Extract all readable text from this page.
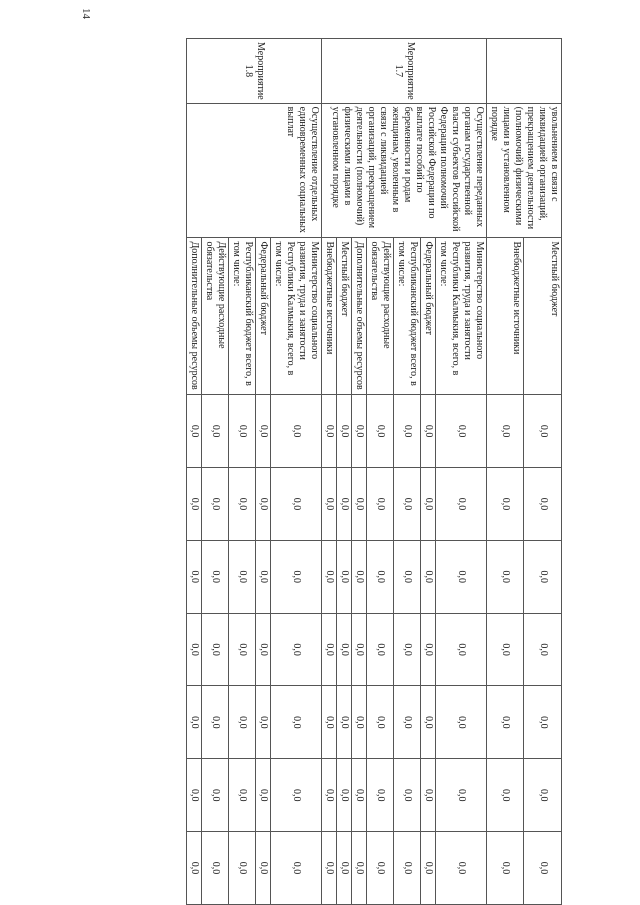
	увольнением в связи с ликвидацией организаций, прекращением деятельности (полномочий) физическими лицами в установленном порядке	Местный бюджет	0,0	0,0	0,0	0,0	0,0	0,0	0,0
		Внебюджетные источники	0,0	0,0	0,0	0,0	0,0	0,0	0,0
Мероприятие 1.7	Осуществление переданных органам государственной власти субъектов Российской Федерации полномочий Российской Федерации по выплате пособий по беременности и родам женщинам, уволенным в связи с ликвидацией организаций, прекращением деятельности (полномочий) физическими лицами в установленном порядке	Министерство социального развития, труда и занятости Республики Калмыкия, всего, в том числе:	0,0	0,0	0,0	0,0	0,0	0,0	0,0
		Федеральный бюджет	0,0	0,0	0,0	0,0	0,0	0,0	0,0
		Республиканский бюджет всего, в том числе:	0,0	0,0	0,0	0,0	0,0	0,0	0,0
		Действующие расходные обязательства	0,0	0,0	0,0	0,0	0,0	0,0	0,0
		Дополнительные объемы ресурсов	0,0	0,0	0,0	0,0	0,0	0,0	0,0
		Местный бюджет	0,0	0,0	0,0	0,0	0,0	0,0	0,0
		Внебюджетные источники	0,0	0,0	0,0	0,0	0,0	0,0	0,0
Мероприятие 1.8	Осуществление отдельных единовременных социальных выплат	Министерство социального развития, труда и занятости Республики Калмыкия, всего, в том числе:	0,0	0,0	0,0	0,0	0,0	0,0	0,0
		Федеральный бюджет	0,0	0,0	0,0	0,0	0,0	0,0	0,0
		Республиканский бюджет всего, в том числе:	0,0	0,0	0,0	0,0	0,0	0,0	0,0
		Действующие расходные обязательства	0,0	0,0	0,0	0,0	0,0	0,0	0,0
		Дополнительные объемы ресурсов	0,0	0,0	0,0	0,0	0,0	0,0	0,0
14
